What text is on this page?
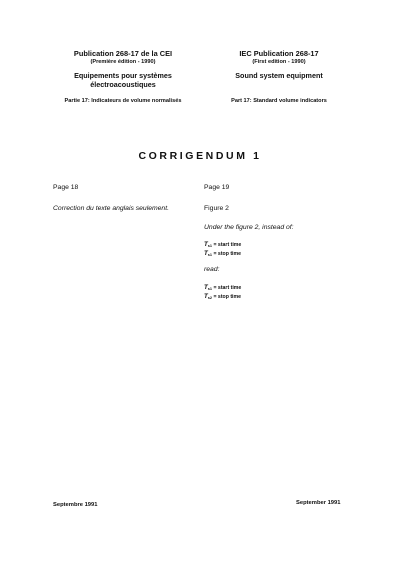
Publication 268-17 de la CEI
(Première édition - 1990)
Equipements pour systèmes
électroacoustiques
Partie 17: Indicateurs de volume normalisés
IEC Publication 268-17
(First edition - 1990)
Sound system equipment
Part 17: Standard volume indicators
CORRIGENDUM 1
Page 18
Correction du texte anglais seulement.
Page 19
Figure 2
Under the figure 2, instead of:
$T_{s1}$ = start time
$T_{s1}$ = stop time
read:
$T_{s1}$ = start time
$T_{s2}$ = stop time
Septembre 1991	September 1991
